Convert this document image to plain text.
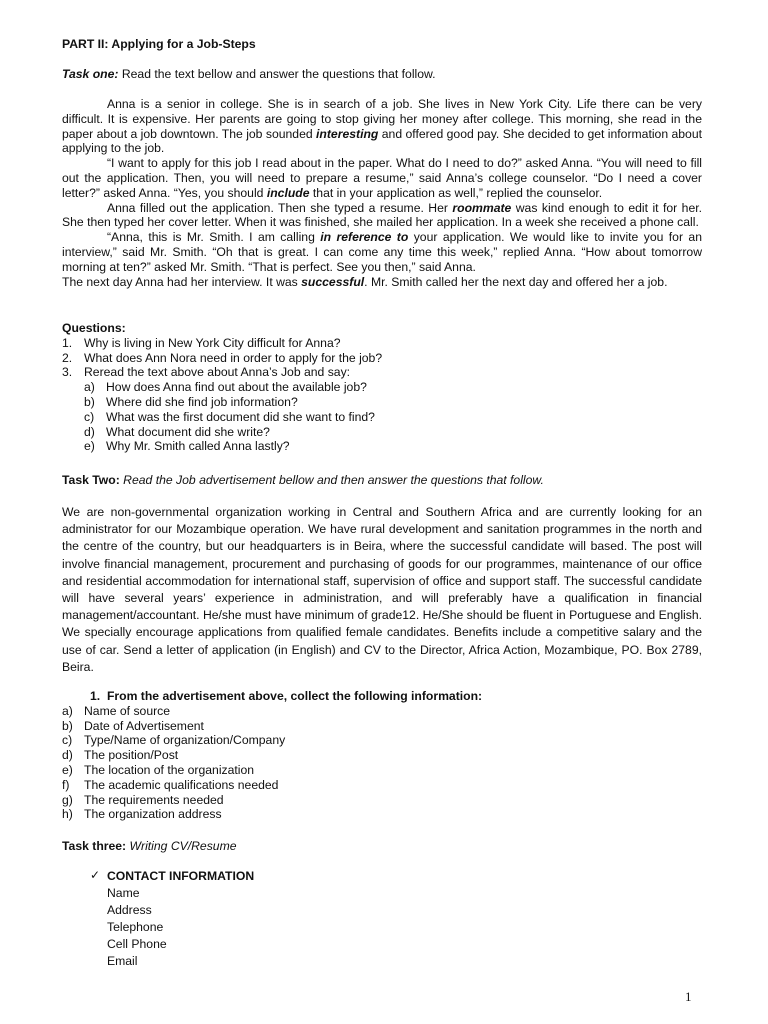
PART II: Applying for a Job-Steps
Task one: Read the text bellow and answer the questions that follow.

Anna is a senior in college. She is in search of a job. She lives in New York City. Life there can be very difficult. It is expensive. Her parents are going to stop giving her money after college. This morning, she read in the paper about a job downtown. The job sounded interesting and offered good pay. She decided to get information about applying to the job.

“I want to apply for this job I read about in the paper. What do I need to do?” asked Anna. “You will need to fill out the application. Then, you will need to prepare a resume,” said Anna’s college counselor. “Do I need a cover letter?” asked Anna. “Yes, you should include that in your application as well,” replied the counselor.

Anna filled out the application. Then she typed a resume. Her roommate was kind enough to edit it for her. She then typed her cover letter. When it was finished, she mailed her application. In a week she received a phone call.

“Anna, this is Mr. Smith. I am calling in reference to your application. We would like to invite you for an interview,” said Mr. Smith. “Oh that is great. I can come any time this week,” replied Anna. “How about tomorrow morning at ten?” asked Mr. Smith. “That is perfect. See you then,” said Anna.

The next day Anna had her interview. It was successful. Mr. Smith called her the next day and offered her a job.

Questions:

1. Why is living in New York City difficult for Anna?
2. What does Ann Nora need in order to apply for the job?
3. Reread the text above about Anna’s Job and say:
a) How does Anna find out about the available job?
b) Where did she find job information?
c) What was the first document did she want to find?
d) What document did she write?
e) Why Mr. Smith called Anna lastly?
Task Two: Read the Job advertisement bellow and then answer the questions that follow.

We are non-governmental organization working in Central and Southern Africa and are currently looking for an administrator for our Mozambique operation. We have rural development and sanitation programmes in the north and the centre of the country, but our headquarters is in Beira, where the successful candidate will based. The post will involve financial management, procurement and purchasing of goods for our programmes, maintenance of our office and residential accommodation for international staff, supervision of office and support staff. The successful candidate will have several years’ experience in administration, and will preferably have a qualification in financial management/accountant. He/she must have minimum of grade12. He/She should be fluent in Portuguese and English. We specially encourage applications from qualified female candidates. Benefits include a competitive salary and the use of car. Send a letter of application (in English) and CV to the Director, Africa Action, Mozambique, PO. Box 2789, Beira.

1. From the advertisement above, collect the following information:

a) Name of source
b) Date of Advertisement
c) Type/Name of organization/Company
d) The position/Post
e) The location of the organization
f) The academic qualifications needed
g) The requirements needed
h) The organization address
Task three: Writing CV/Resume
✓ CONTACT INFORMATION
Name
Address
Telephone
Cell Phone
Email
1
